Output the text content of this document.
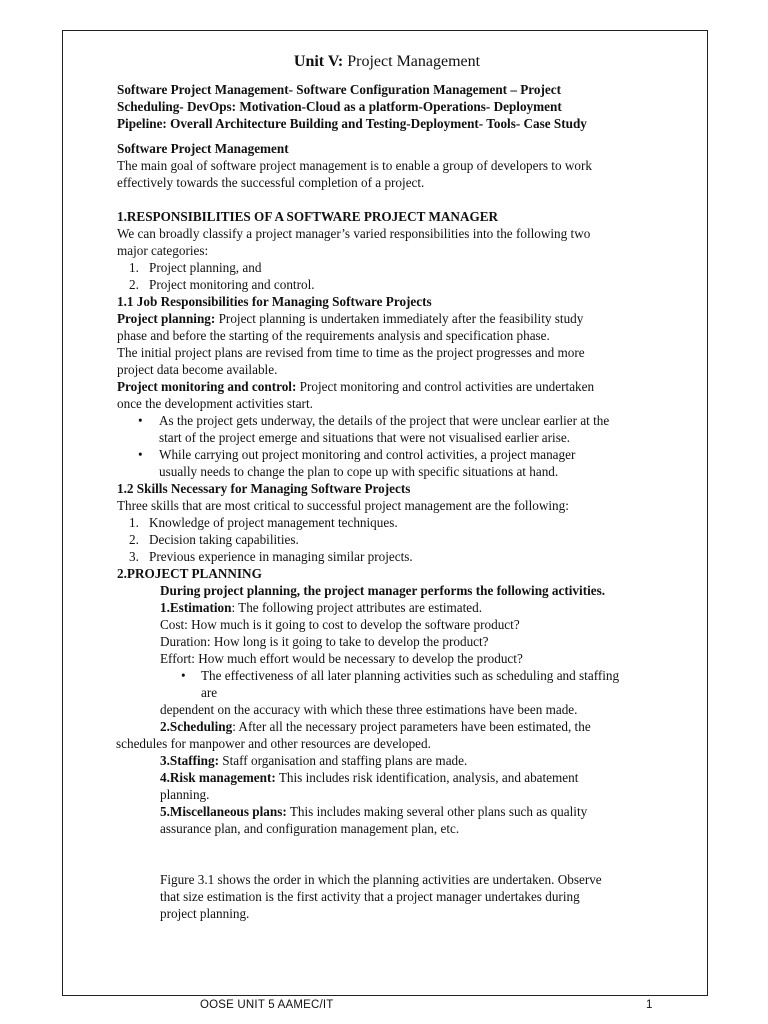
Unit V: Project Management
Software Project Management- Software Configuration Management – Project
Scheduling- DevOps: Motivation-Cloud as a platform-Operations- Deployment
Pipeline: Overall Architecture Building and Testing-Deployment- Tools- Case Study
Software Project Management
The main goal of software project management is to enable a group of developers to work
effectively towards the successful completion of a project.
1.RESPONSIBILITIES OF A SOFTWARE PROJECT MANAGER
We can broadly classify a project manager’s varied responsibilities into the following two
major categories:
1. Project planning, and
2. Project monitoring and control.
1.1 Job Responsibilities for Managing Software Projects
Project planning: Project planning is undertaken immediately after the feasibility study
phase and before the starting of the requirements analysis and specification phase.
The initial project plans are revised from time to time as the project progresses and more
project data become available.
Project monitoring and control: Project monitoring and control activities are undertaken
once the development activities start.
• As the project gets underway, the details of the project that were unclear earlier at the
start of the project emerge and situations that were not visualised earlier arise.
• While carrying out project monitoring and control activities, a project manager
usually needs to change the plan to cope up with specific situations at hand.
1.2 Skills Necessary for Managing Software Projects
Three skills that are most critical to successful project management are the following:
1. Knowledge of project management techniques.
2. Decision taking capabilities.
3. Previous experience in managing similar projects.
2.PROJECT PLANNING
During project planning, the project manager performs the following activities.
1.Estimation: The following project attributes are estimated.
Cost: How much is it going to cost to develop the software product?
Duration: How long is it going to take to develop the product?
Effort: How much effort would be necessary to develop the product?
• The effectiveness of all later planning activities such as scheduling and staffing
are
dependent on the accuracy with which these three estimations have been made.
2.Scheduling: After all the necessary project parameters have been estimated, the
schedules for manpower and other resources are developed.
3.Staffing: Staff organisation and staffing plans are made.
4.Risk management: This includes risk identification, analysis, and abatement
planning.
5.Miscellaneous plans: This includes making several other plans such as quality
assurance plan, and configuration management plan, etc.
Figure 3.1 shows the order in which the planning activities are undertaken. Observe
that size estimation is the first activity that a project manager undertakes during
project planning.
OOSE UNIT 5 AAMEC/IT	1
